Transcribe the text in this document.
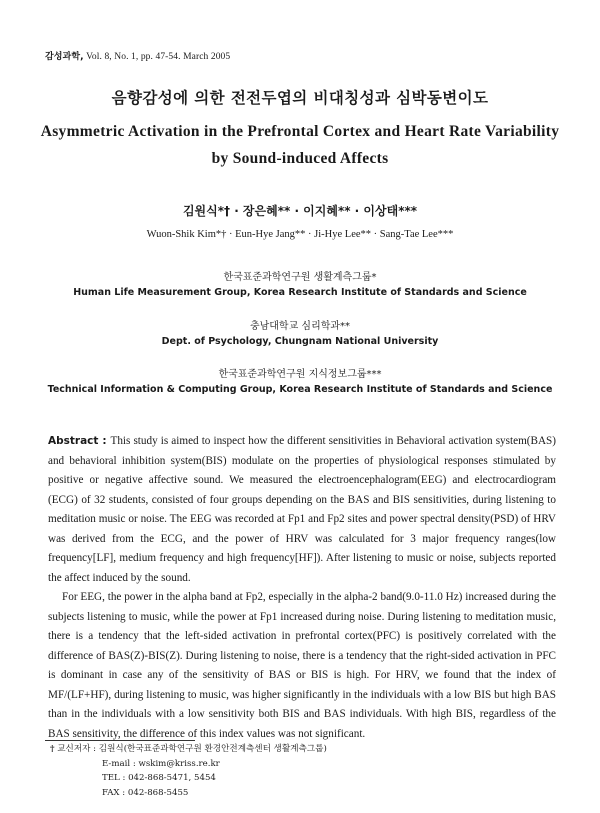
감성과학, Vol. 8, No. 1, pp. 47-54. March 2005
음향감성에 의한 전전두엽의 비대칭성과 심박동변이도
Asymmetric Activation in the Prefrontal Cortex and Heart Rate Variability by Sound-induced Affects
김원식*† · 장은혜** · 이지혜** · 이상태***
Wuon-Shik Kim*† · Eun-Hye Jang** · Ji-Hye Lee** · Sang-Tae Lee***
한국표준과학연구원 생활계측그룹*
Human Life Measurement Group, Korea Research Institute of Standards and Science
충남대학교 심리학과**
Dept. of Psychology, Chungnam National University
한국표준과학연구원 지식정보그룹***
Technical Information & Computing Group, Korea Research Institute of Standards and Science

Abstract : This study is aimed to inspect how the different sensitivities in Behavioral activation system(BAS) and behavioral inhibition system(BIS) modulate on the properties of physiological responses stimulated by positive or negative affective sound. We measured the electroencephalogram(EEG) and electrocardiogram (ECG) of 32 students, consisted of four groups depending on the BAS and BIS sensitivities, during listening to meditation music or noise. The EEG was recorded at Fp1 and Fp2 sites and power spectral density(PSD) of HRV was derived from the ECG, and the power of HRV was calculated for 3 major frequency ranges(low frequency[LF], medium frequency and high frequency[HF]). After listening to music or noise, subjects reported the affect induced by the sound.

For EEG, the power in the alpha band at Fp2, especially in the alpha-2 band(9.0-11.0 Hz) increased during the subjects listening to music, while the power at Fp1 increased during noise. During listening to meditation music, there is a tendency that the left-sided activation in prefrontal cortex(PFC) is positively correlated with the difference of BAS(Z)-BIS(Z). During listening to noise, there is a tendency that the right-sided activation in PFC is dominant in case any of the sensitivity of BAS or BIS is high. For HRV, we found that the index of MF/(LF+HF), during listening to music, was higher significantly in the individuals with a low BIS but high BAS than in the individuals with a low sensitivity both BIS and BAS individuals. With high BIS, regardless of the BAS sensitivity, the difference of this index values was not significant.

† 교신저자 : 김원식(한국표준과학연구원 환경안전계측센터 생활계측그룹)
E-mail : wskim@kriss.re.kr
TEL : 042-868-5471, 5454
FAX : 042-868-5455
